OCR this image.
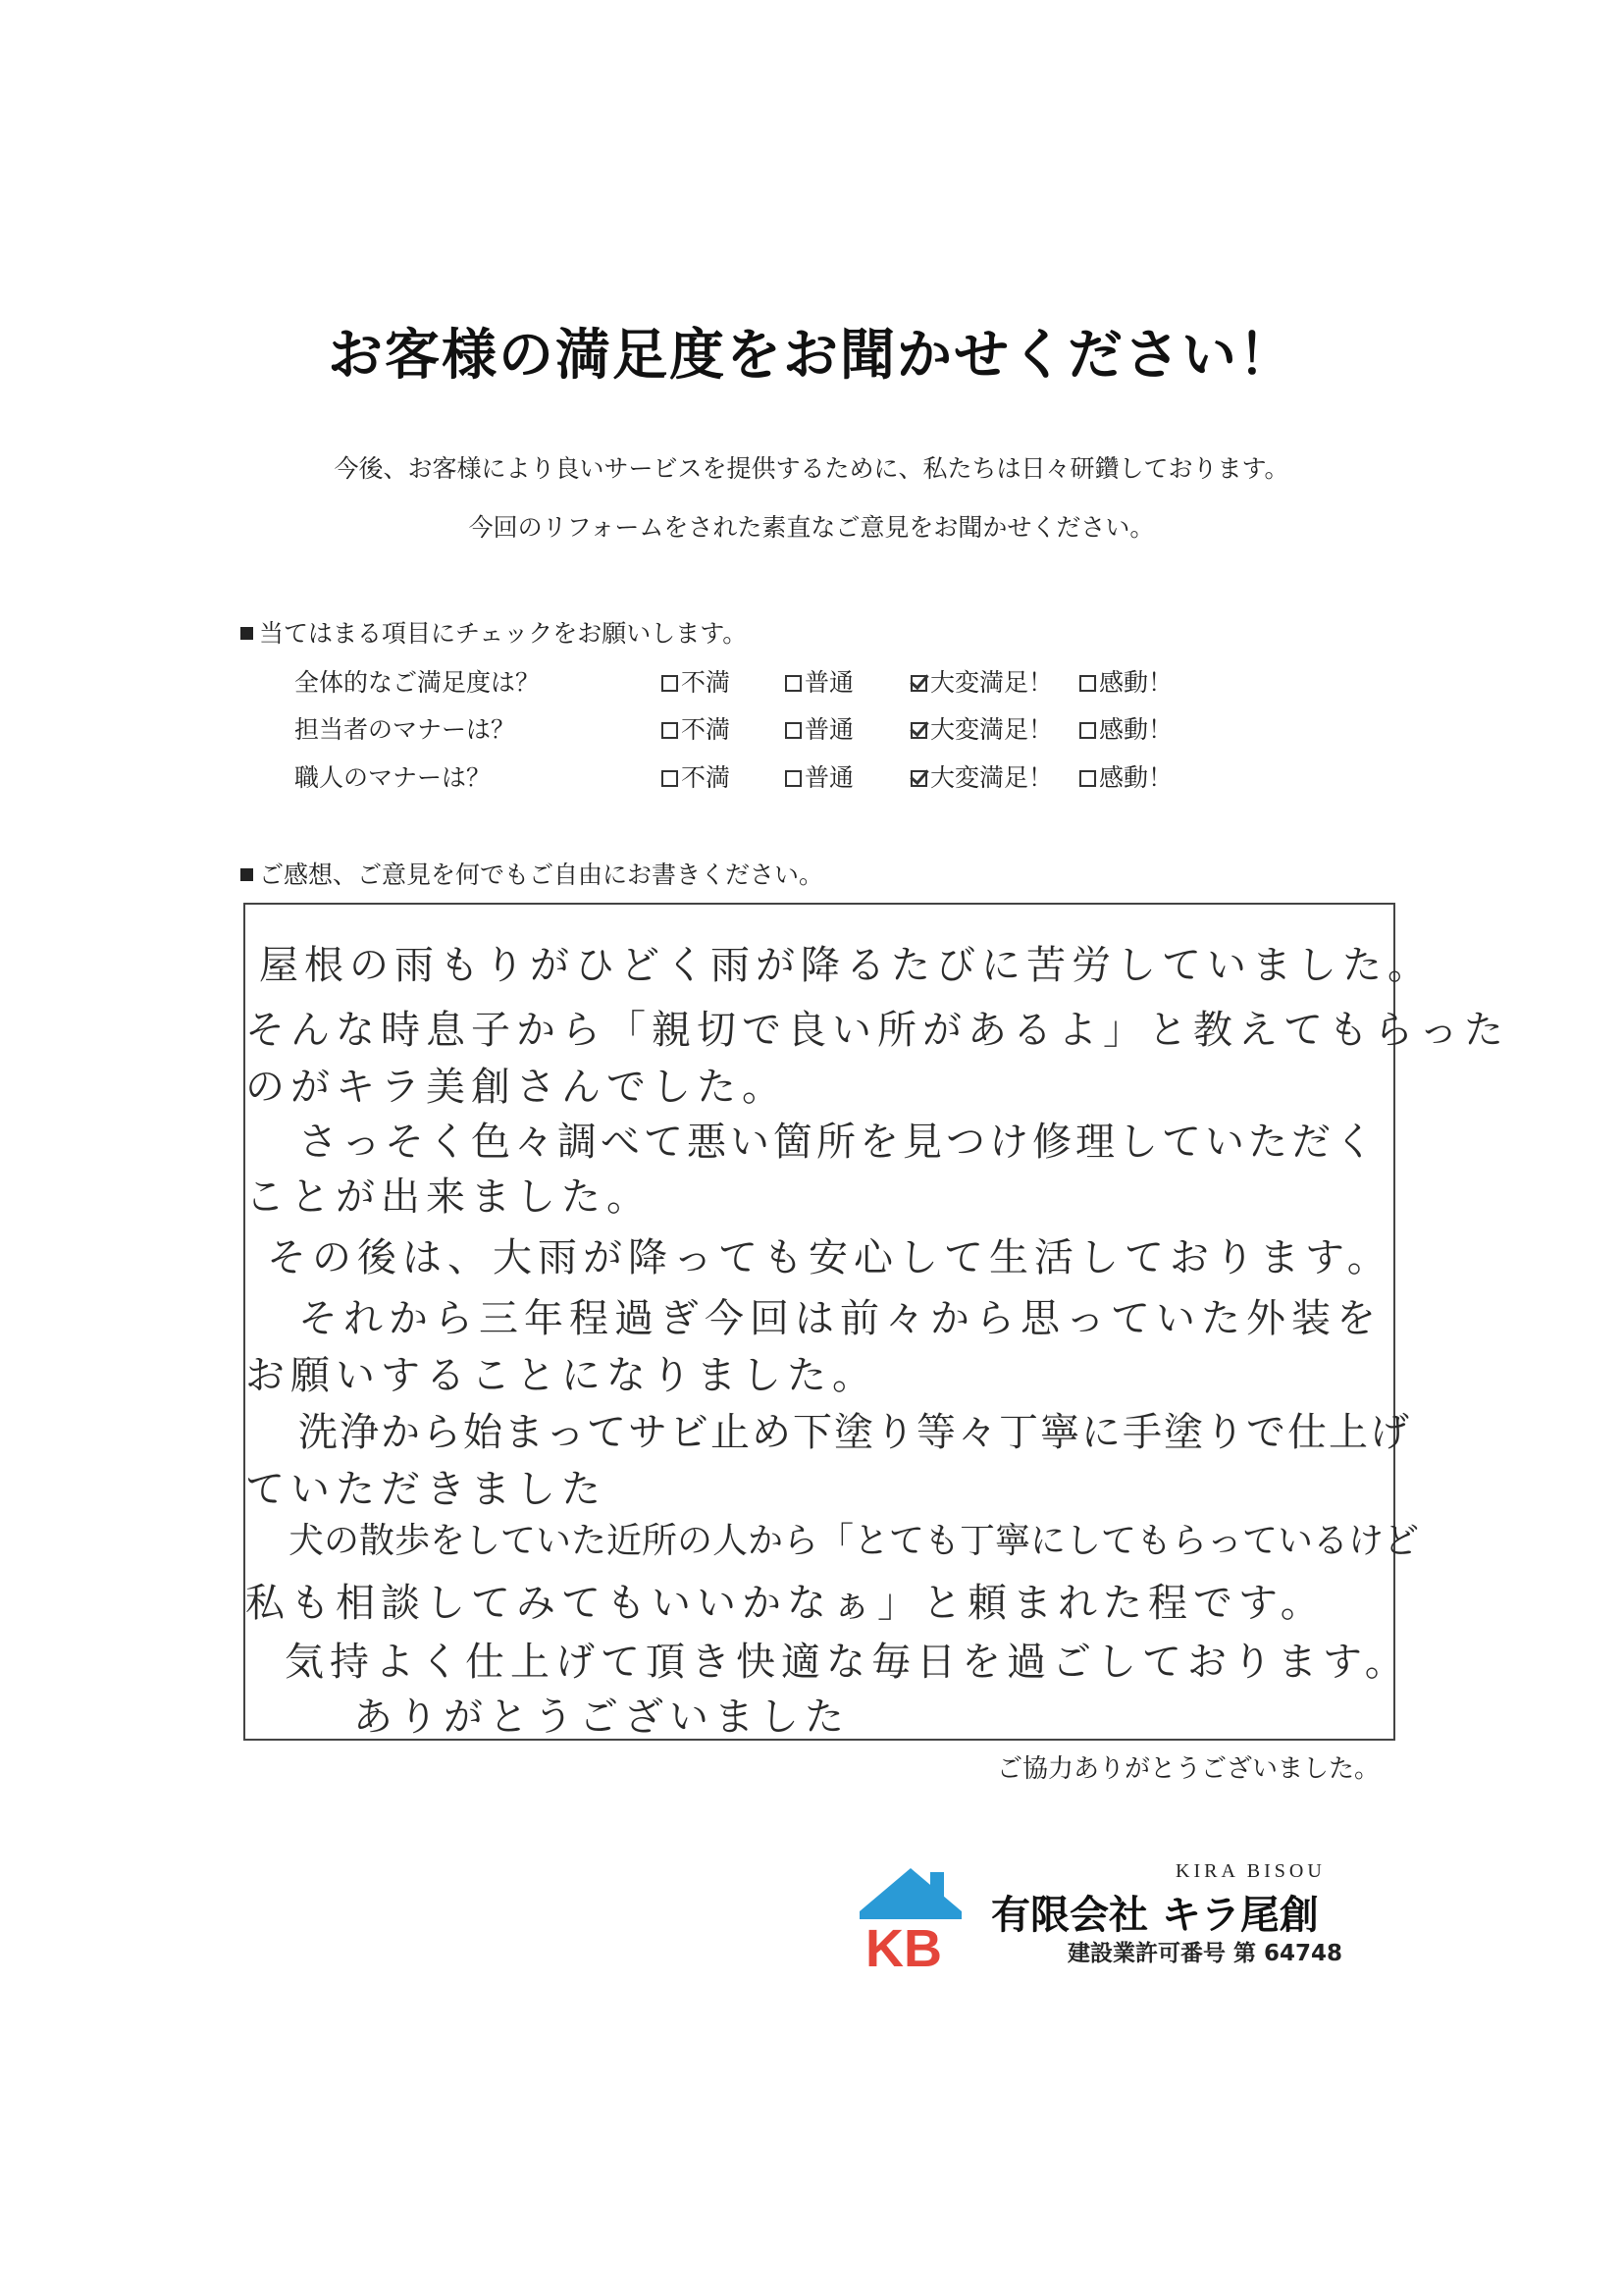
お客様の満足度をお聞かせください！
今後、お客様により良いサービスを提供するために、私たちは日々研鑽しております。
今回のリフォームをされた素直なご意見をお聞かせください。
当てはまる項目にチェックをお願いします。
全体的なご満足度は？	不満	普通	大変満足！	感動！
担当者のマナーは？	不満	普通	大変満足！	感動！
職人のマナーは？	不満	普通	大変満足！	感動！
ご感想、ご意見を何でもご自由にお書きください。
屋根の雨もりがひどく雨が降るたびに苦労していました。
そんな時息子から「親切で良い所があるよ」と教えてもらった
のがキラ美創さんでした。
さっそく色々調べて悪い箇所を見つけ修理していただく
ことが出来ました。
その後は、大雨が降っても安心して生活しております。
それから三年程過ぎ今回は前々から思っていた外装を
お願いすることになりました。
洗浄から始まってサビ止め下塗り等々丁寧に手塗りで仕上げ
ていただきました
犬の散歩をしていた近所の人から「とても丁寧にしてもらっているけど
私も相談してみてもいいかなぁ」と頼まれた程です。
気持よく仕上げて頂き快適な毎日を過ごしております。
ありがとうございました
ご協力ありがとうございました。
KB
KIRA BISOU
有限会社 キラ尾創
建設業許可番号 第 64748
